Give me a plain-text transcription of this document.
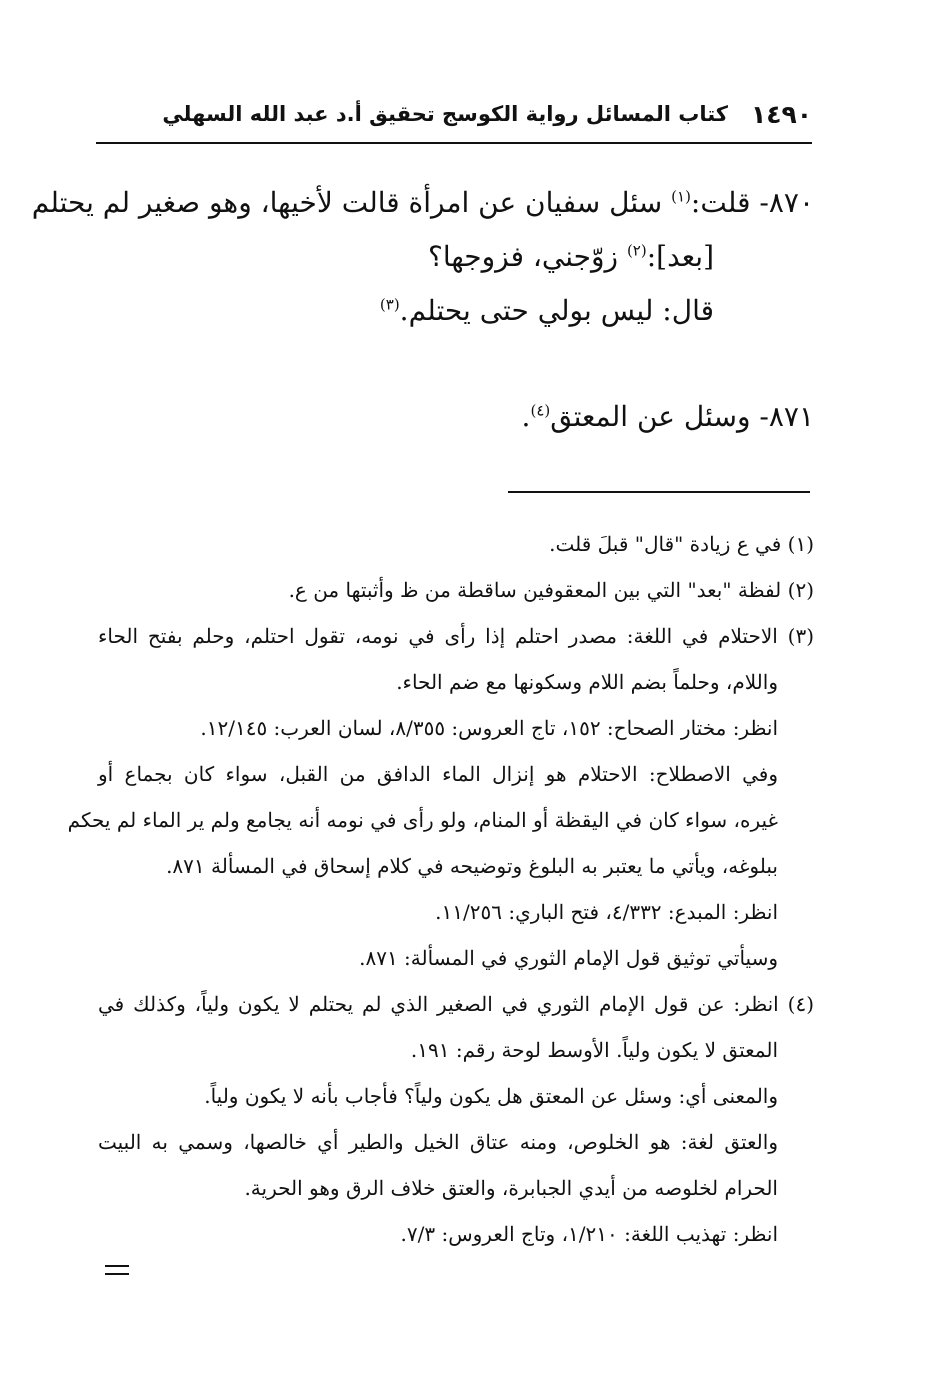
١٤٩٠
كتاب المسائل رواية الكوسج تحقيق أ.د عبد الله السهلي
٨٧٠- قلت:$^{(١)}$ سئل سفيان عن امرأة قالت لأخيها، وهو صغير لم يحتلم
[بعد]:$^{(٢)}$ زوّجني، فزوجها؟
قال: ليس بولي حتى يحتلم.$^{(٣)}$
٨٧١- وسئل عن المعتق$^{(٤)}$.
(١) في ع زيادة "قال" قبلَ قلت.
(٢) لفظة "بعد" التي بين المعقوفين ساقطة من ظ وأثبتها من ع.
(٣) الاحتلام في اللغة: مصدر احتلم إذا رأى في نومه، تقول احتلم، وحلم بفتح الحاء
واللام، وحلماً بضم اللام وسكونها مع ضم الحاء.
انظر: مختار الصحاح: ١٥٢، تاج العروس: ٨/٣٥٥، لسان العرب: ١٢/١٤٥.
وفي الاصطلاح: الاحتلام هو إنزال الماء الدافق من القبل، سواء كان بجماع أو
غيره، سواء كان في اليقظة أو المنام، ولو رأى في نومه أنه يجامع ولم ير الماء لم يحكم
ببلوغه، ويأتي ما يعتبر به البلوغ وتوضيحه في كلام إسحاق في المسألة ٨٧١.
انظر: المبدع: ٤/٣٣٢، فتح الباري: ١١/٢٥٦.
وسيأتي توثيق قول الإمام الثوري في المسألة: ٨٧١.
(٤) انظر: عن قول الإمام الثوري في الصغير الذي لم يحتلم لا يكون ولياً، وكذلك في
المعتق لا يكون ولياً. الأوسط لوحة رقم: ١٩١.
والمعنى أي: وسئل عن المعتق هل يكون ولياً؟ فأجاب بأنه لا يكون ولياً.
والعتق لغة: هو الخلوص، ومنه عتاق الخيل والطير أي خالصها، وسمي به البيت
الحرام لخلوصه من أيدي الجبابرة، والعتق خلاف الرق وهو الحرية.
انظر: تهذيب اللغة: ١/٢١٠، وتاج العروس: ٧/٣.
